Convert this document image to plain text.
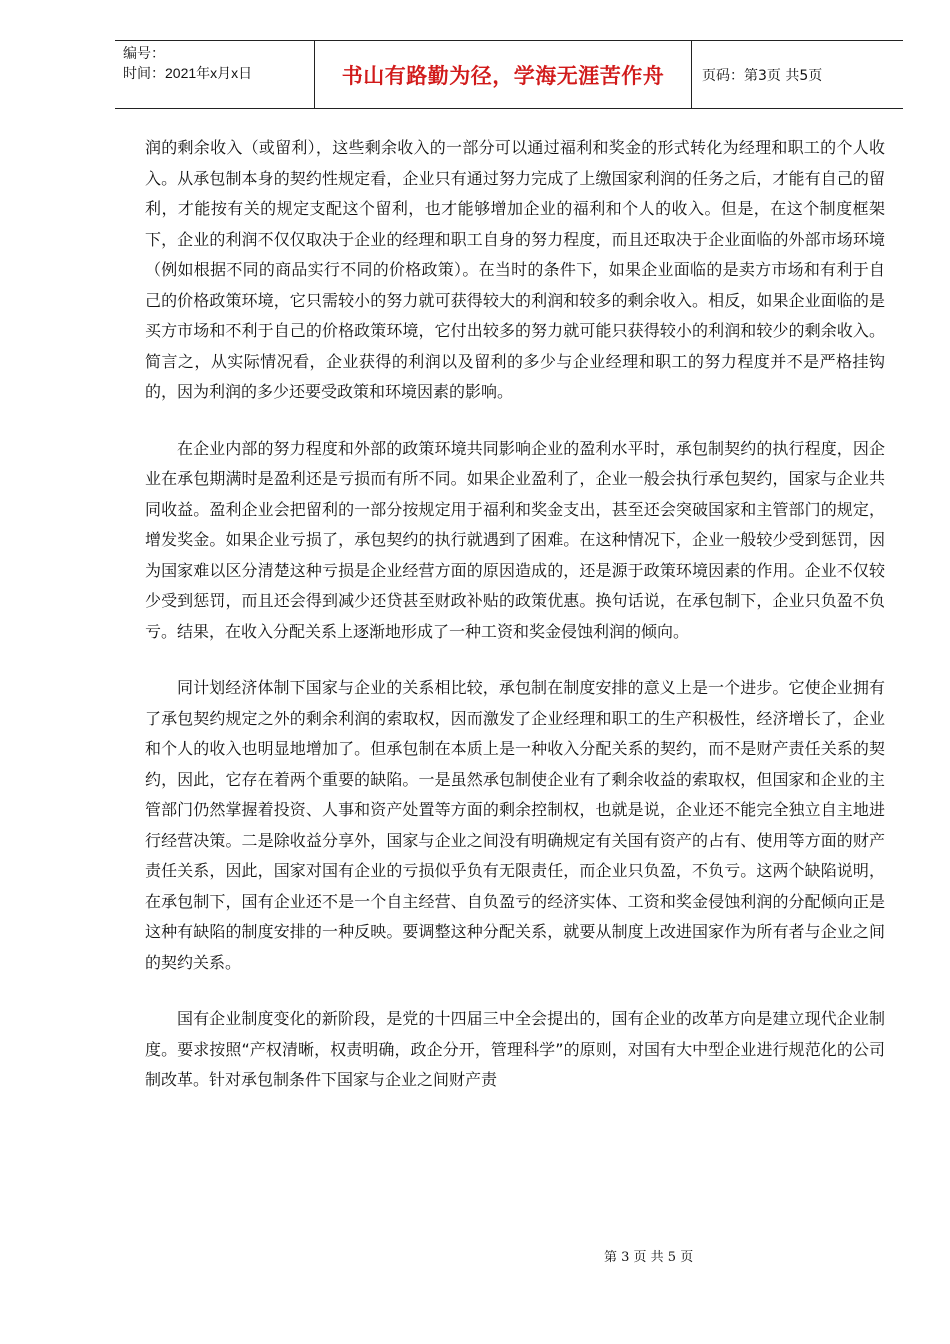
编号：
时间：2021年x月x日	书山有路勤为径，学海无涯苦作舟	页码：第3页 共5页

润的剩余收入（或留利），这些剩余收入的一部分可以通过福利和奖金的形式转化为经理和职工的个人收入。从承包制本身的契约性规定看，企业只有通过努力完成了上缴国家利润的任务之后，才能有自己的留利，才能按有关的规定支配这个留利，也才能够增加企业的福利和个人的收入。但是，在这个制度框架下，企业的利润不仅仅取决于企业的经理和职工自身的努力程度，而且还取决于企业面临的外部市场环境（例如根据不同的商品实行不同的价格政策）。在当时的条件下，如果企业面临的是卖方市场和有利于自己的价格政策环境，它只需较小的努力就可获得较大的利润和较多的剩余收入。相反，如果企业面临的是买方市场和不利于自己的价格政策环境，它付出较多的努力就可能只获得较小的利润和较少的剩余收入。简言之，从实际情况看，企业获得的利润以及留利的多少与企业经理和职工的努力程度并不是严格挂钩的，因为利润的多少还要受政策和环境因素的影响。

在企业内部的努力程度和外部的政策环境共同影响企业的盈利水平时，承包制契约的执行程度，因企业在承包期满时是盈利还是亏损而有所不同。如果企业盈利了，企业一般会执行承包契约，国家与企业共同收益。盈利企业会把留利的一部分按规定用于福利和奖金支出，甚至还会突破国家和主管部门的规定，增发奖金。如果企业亏损了，承包契约的执行就遇到了困难。在这种情况下，企业一般较少受到惩罚，因为国家难以区分清楚这种亏损是企业经营方面的原因造成的，还是源于政策环境因素的作用。企业不仅较少受到惩罚，而且还会得到减少还贷甚至财政补贴的政策优惠。换句话说，在承包制下，企业只负盈不负亏。结果，在收入分配关系上逐渐地形成了一种工资和奖金侵蚀利润的倾向。

同计划经济体制下国家与企业的关系相比较，承包制在制度安排的意义上是一个进步。它使企业拥有了承包契约规定之外的剩余利润的索取权，因而激发了企业经理和职工的生产积极性，经济增长了，企业和个人的收入也明显地增加了。但承包制在本质上是一种收入分配关系的契约，而不是财产责任关系的契约，因此，它存在着两个重要的缺陷。一是虽然承包制使企业有了剩余收益的索取权，但国家和企业的主管部门仍然掌握着投资、人事和资产处置等方面的剩余控制权，也就是说，企业还不能完全独立自主地进行经营决策。二是除收益分享外，国家与企业之间没有明确规定有关国有资产的占有、使用等方面的财产责任关系，因此，国家对国有企业的亏损似乎负有无限责任，而企业只负盈，不负亏。这两个缺陷说明，在承包制下，国有企业还不是一个自主经营、自负盈亏的经济实体、工资和奖金侵蚀利润的分配倾向正是这种有缺陷的制度安排的一种反映。要调整这种分配关系，就要从制度上改进国家作为所有者与企业之间的契约关系。

国有企业制度变化的新阶段，是党的十四届三中全会提出的，国有企业的改革方向是建立现代企业制度。要求按照“产权清晰，权责明确，政企分开，管理科学”的原则，对国有大中型企业进行规范化的公司制改革。针对承包制条件下国家与企业之间财产责

第 3 页 共 5 页
